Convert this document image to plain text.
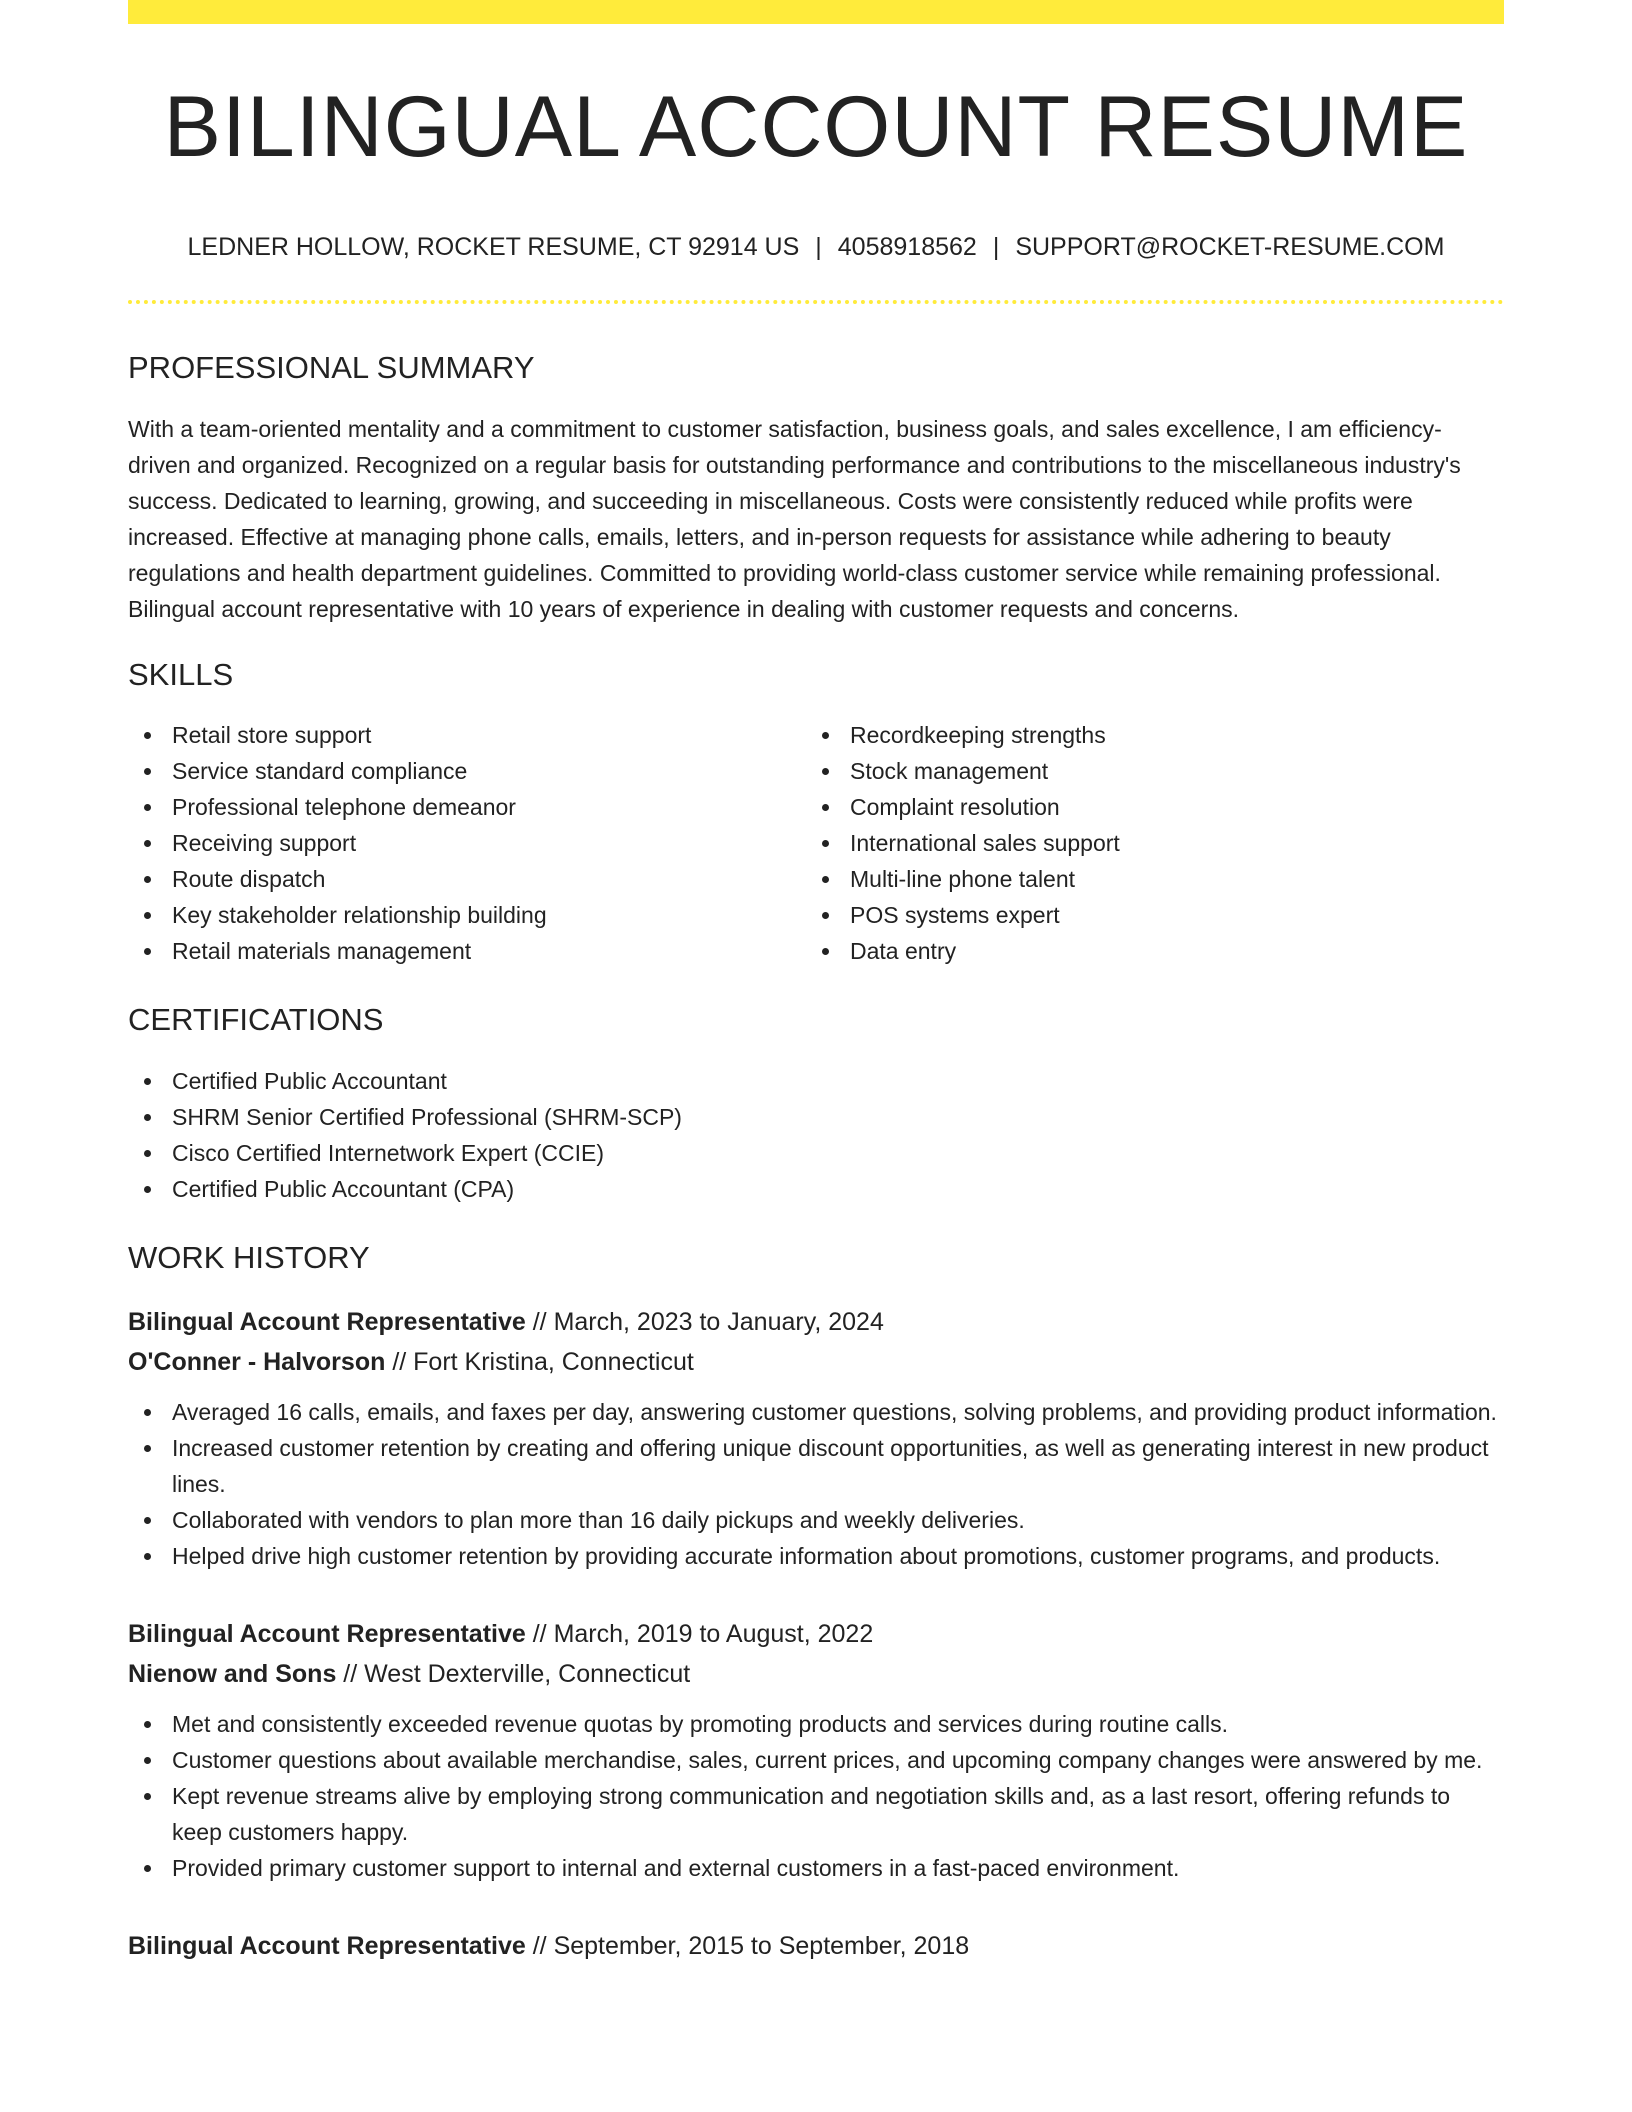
BILINGUAL ACCOUNT RESUME
LEDNER HOLLOW, ROCKET RESUME, CT 92914 US | 4058918562 | SUPPORT@ROCKET-RESUME.COM
PROFESSIONAL SUMMARY

With a team-oriented mentality and a commitment to customer satisfaction, business goals, and sales excellence, I am efficiency-driven and organized. Recognized on a regular basis for outstanding performance and contributions to the miscellaneous industry's success. Dedicated to learning, growing, and succeeding in miscellaneous. Costs were consistently reduced while profits were increased. Effective at managing phone calls, emails, letters, and in-person requests for assistance while adhering to beauty regulations and health department guidelines. Committed to providing world-class customer service while remaining professional. Bilingual account representative with 10 years of experience in dealing with customer requests and concerns.

SKILLS
Retail store support
Service standard compliance
Professional telephone demeanor
Receiving support
Route dispatch
Key stakeholder relationship building
Retail materials management
Recordkeeping strengths
Stock management
Complaint resolution
International sales support
Multi-line phone talent
POS systems expert
Data entry
CERTIFICATIONS
Certified Public Accountant
SHRM Senior Certified Professional (SHRM-SCP)
Cisco Certified Internetwork Expert (CCIE)
Certified Public Accountant (CPA)
WORK HISTORY
Bilingual Account Representative // March, 2023 to January, 2024
O'Conner - Halvorson // Fort Kristina, Connecticut
Averaged 16 calls, emails, and faxes per day, answering customer questions, solving problems, and providing product information.
Increased customer retention by creating and offering unique discount opportunities, as well as generating interest in new product lines.
Collaborated with vendors to plan more than 16 daily pickups and weekly deliveries.
Helped drive high customer retention by providing accurate information about promotions, customer programs, and products.
Bilingual Account Representative // March, 2019 to August, 2022
Nienow and Sons // West Dexterville, Connecticut
Met and consistently exceeded revenue quotas by promoting products and services during routine calls.
Customer questions about available merchandise, sales, current prices, and upcoming company changes were answered by me.
Kept revenue streams alive by employing strong communication and negotiation skills and, as a last resort, offering refunds to keep customers happy.
Provided primary customer support to internal and external customers in a fast-paced environment.
Bilingual Account Representative // September, 2015 to September, 2018
